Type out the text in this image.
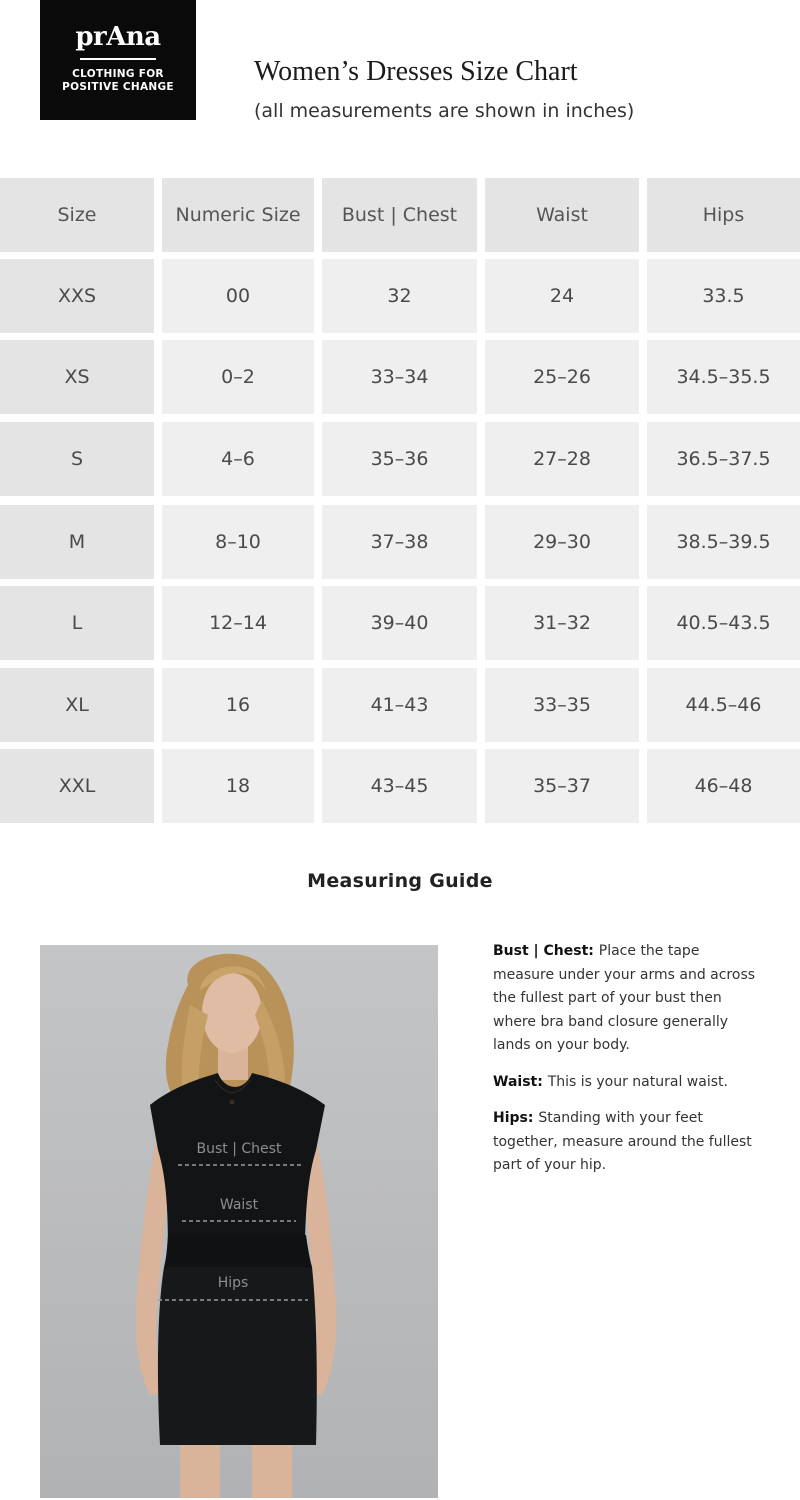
prAna
CLOTHING FOR
POSITIVE CHANGE	Women’s Dresses Size Chart
(all measurements are shown in inches)
Size	Numeric Size	Bust | Chest	Waist	Hips
XXS	00	32	24	33.5
XS	0–2	33–34	25–26	34.5–35.5
S	4–6	35–36	27–28	36.5–37.5
M	8–10	37–38	29–30	38.5–39.5
L	12–14	39–40	31–32	40.5–43.5
XL	16	41–43	33–35	44.5–46
XXL	18	43–45	35–37	46–48
Measuring Guide
Bust | Chest
Waist
Hips

Bust | Chest: Place the tape measure under your arms and across the fullest part of your bust then where bra band closure generally lands on your body.

Waist: This is your natural waist.

Hips: Standing with your feet together, measure around the fullest part of your hip.
